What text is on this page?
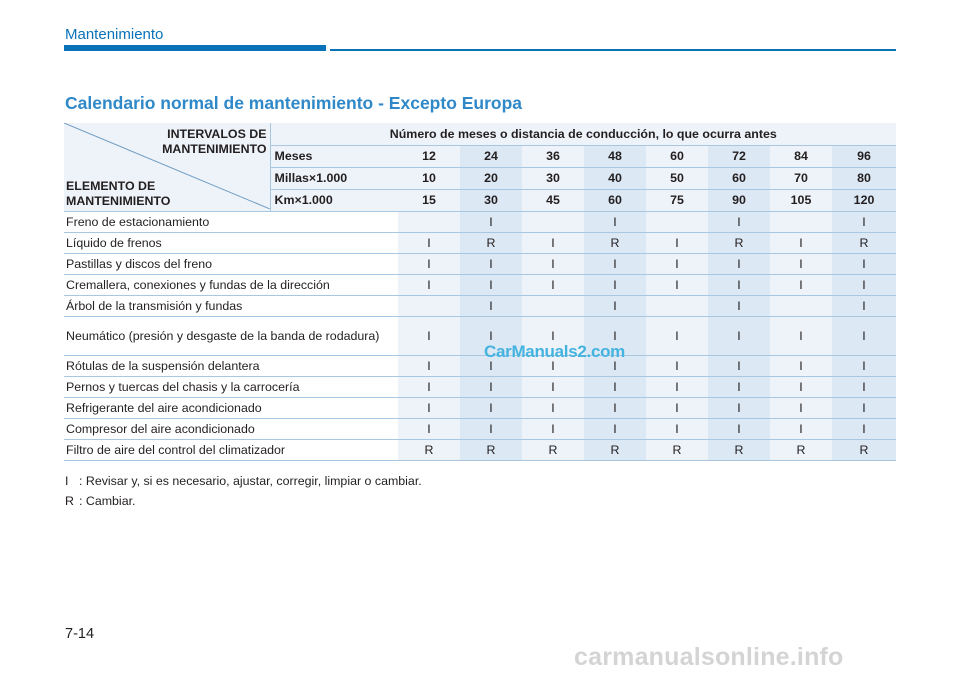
Mantenimiento
Calendario normal de mantenimiento - Excepto Europa
INTERVALOS DE
MANTENIMIENTO
ELEMENTO DE
MANTENIMIENTO	Número de meses o distancia de conducción, lo que ocurra antes								
	Meses	12	24	36	48	60	72	84	96
	Millas×1.000	10	20	30	40	50	60	70	80
	Km×1.000	15	30	45	60	75	90	105	120
Freno de estacionamiento			I		I		I		I
Líquido de frenos		I	R	I	R	I	R	I	R
Pastillas y discos del freno		I	I	I	I	I	I	I	I
Cremallera, conexiones y fundas de la dirección		I	I	I	I	I	I	I	I
Árbol de la transmisión y fundas			I		I		I		I
Neumático (presión y desgaste de la banda de rodadura)		I	I	I	I	I	I	I	I
Rótulas de la suspensión delantera		I	I	I	I	I	I	I	I
Pernos y tuercas del chasis y la carrocería		I	I	I	I	I	I	I	I
Refrigerante del aire acondicionado		I	I	I	I	I	I	I	I
Compresor del aire acondicionado		I	I	I	I	I	I	I	I
Filtro de aire del control del climatizador		R	R	R	R	R	R	R	R
I : Revisar y, si es necesario, ajustar, corregir, limpiar o cambiar.
R : Cambiar.
CarManuals2.com
7-14
carmanualsonline.info
